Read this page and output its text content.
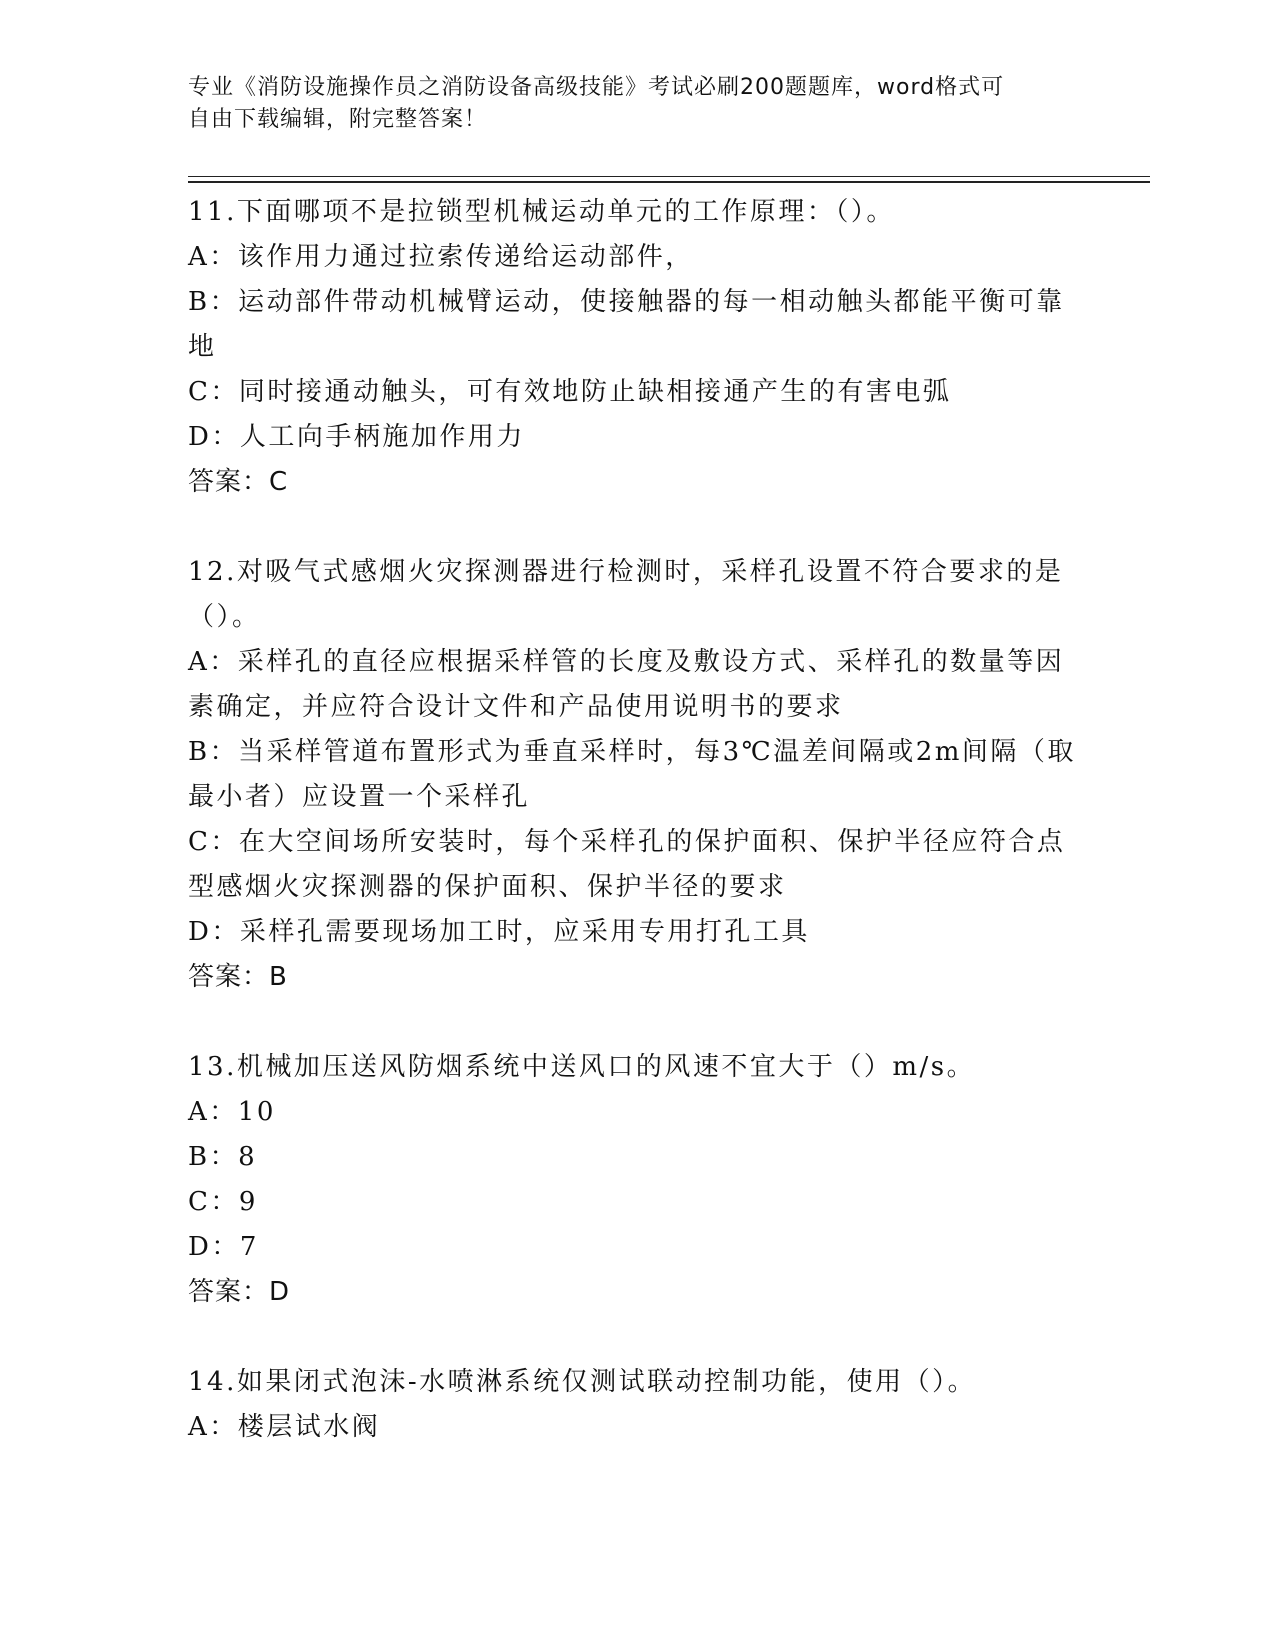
专业《消防设施操作员之消防设备高级技能》考试必刷200题题库，word格式可
自由下载编辑，附完整答案！

11.下面哪项不是拉锁型机械运动单元的工作原理：（）。

A：该作用力通过拉索传递给运动部件，

B：运动部件带动机械臂运动，使接触器的每一相动触头都能平衡可靠

地

C：同时接通动触头，可有效地防止缺相接通产生的有害电弧

D：人工向手柄施加作用力

答案：C

12.对吸气式感烟火灾探测器进行检测时，采样孔设置不符合要求的是

（）。

A：采样孔的直径应根据采样管的长度及敷设方式、采样孔的数量等因

素确定，并应符合设计文件和产品使用说明书的要求

B：当采样管道布置形式为垂直采样时，每3℃温差间隔或2m间隔（取

最小者）应设置一个采样孔

C：在大空间场所安装时，每个采样孔的保护面积、保护半径应符合点

型感烟火灾探测器的保护面积、保护半径的要求

D：采样孔需要现场加工时，应采用专用打孔工具

答案：B

13.机械加压送风防烟系统中送风口的风速不宜大于（）m/s。

A：10

B：8

C：9

D：7

答案：D

14.如果闭式泡沫-水喷淋系统仅测试联动控制功能，使用（）。

A：楼层试水阀
